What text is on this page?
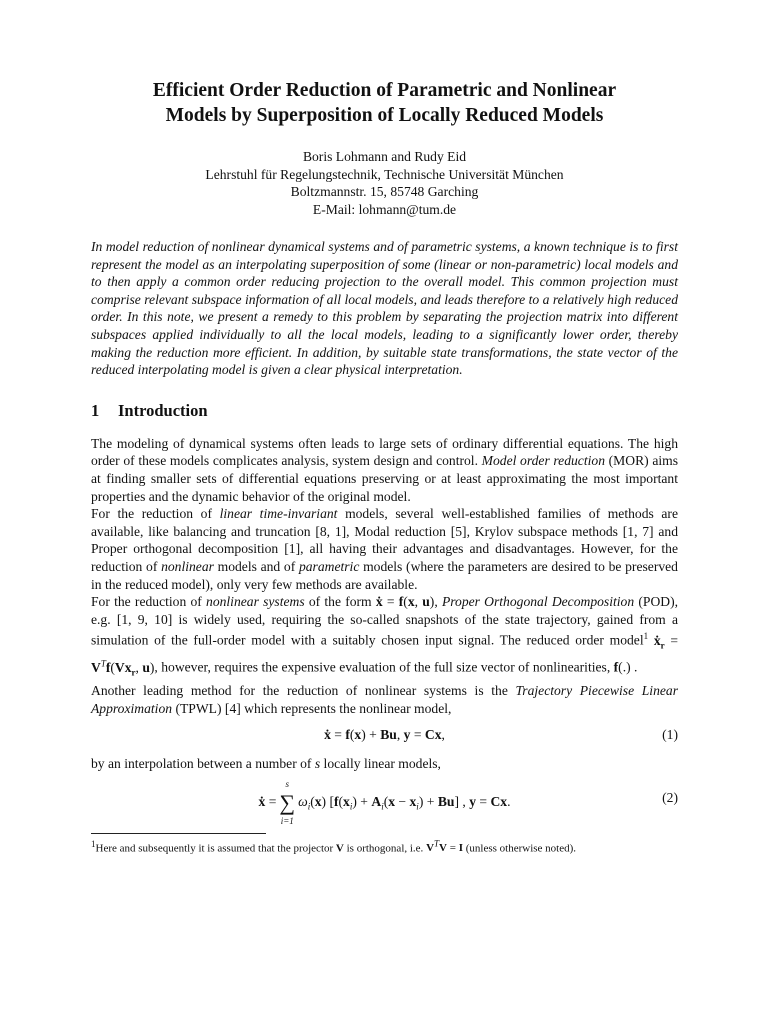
Efficient Order Reduction of Parametric and Nonlinear
Models by Superposition of Locally Reduced Models
Boris Lohmann and Rudy Eid
Lehrstuhl für Regelungstechnik, Technische Universität München
Boltzmannstr. 15, 85748 Garching
E-Mail: lohmann@tum.de
In model reduction of nonlinear dynamical systems and of parametric systems, a known technique is to first represent the model as an interpolating superposition of some (linear or non-parametric) local models and to then apply a common order reducing projection to the overall model. This common projection must comprise relevant subspace information of all local models, and leads therefore to a relatively high reduced order. In this note, we present a remedy to this problem by separating the projection matrix into different subspaces applied individually to all the local models, leading to a significantly lower order, thereby making the reduction more efficient. In addition, by suitable state transformations, the state vector of the reduced interpolating model is given a clear physical interpretation.
1 Introduction

The modeling of dynamical systems often leads to large sets of ordinary differential equations. The high order of these models complicates analysis, system design and control. Model order reduction (MOR) aims at finding smaller sets of differential equations preserving or at least approximating the most important properties and the dynamic behavior of the original model.

For the reduction of linear time-invariant models, several well-established families of methods are available, like balancing and truncation [8, 1], Modal reduction [5], Krylov subspace methods [1, 7] and Proper orthogonal decomposition [1], all having their advantages and disadvantages. However, for the reduction of nonlinear models and of parametric models (where the parameters are desired to be preserved in the reduced model), only very few methods are available.

For the reduction of nonlinear systems of the form ẋ = f(x, u), Proper Orthogonal Decomposition (POD), e.g. [1, 9, 10] is widely used, requiring the so-called snapshots of the state trajectory, gained from a simulation of the full-order model with a suitably chosen input signal. The reduced order model$^1$ ẋ$_r$ = $V^Tf(Vx_r$, u), however, requires the expensive evaluation of the full size vector of nonlinearities, f(.) .

Another leading method for the reduction of nonlinear systems is the Trajectory Piecewise Linear Approximation (TPWL) [4] which represents the nonlinear model,

ẋ = f(x) + Bu, y = Cx,	(1)

by an interpolation between a number of s locally linear models,

ẋ = ∑
s
i=1
$\omega_i(x) [f(x_i) + A_i(x - x_i) + Bu]$ , y = Cx.	(2)
$^1$Here and subsequently it is assumed that the projector V is orthogonal, i.e. $V^TV = I$ (unless otherwise noted).
